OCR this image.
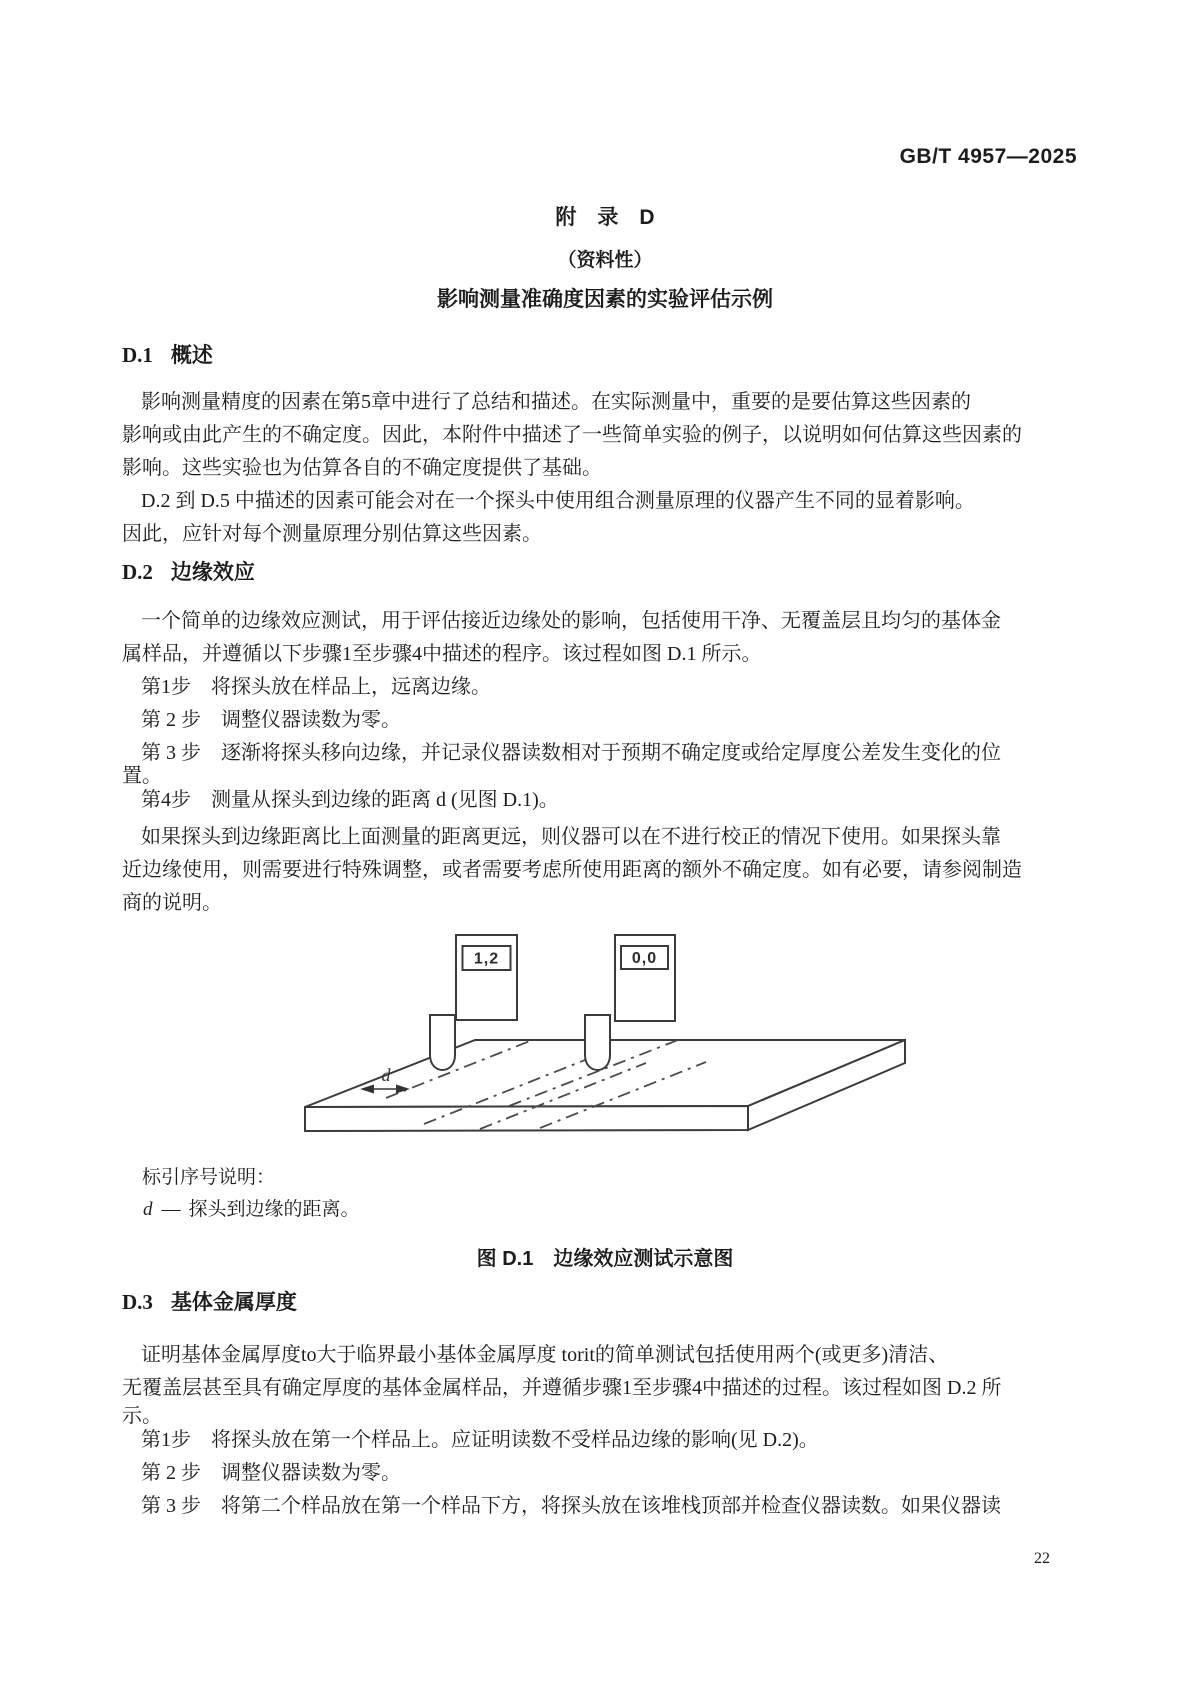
GB/T 4957—2025
附　录　D
（资料性）
影响测量准确度因素的实验评估示例
D.1 概述
影响测量精度的因素在第5章中进行了总结和描述。在实际测量中，重要的是要估算这些因素的
影响或由此产生的不确定度。因此，本附件中描述了一些简单实验的例子，以说明如何估算这些因素的
影响。这些实验也为估算各自的不确定度提供了基础。
D.2 到 D.5 中描述的因素可能会对在一个探头中使用组合测量原理的仪器产生不同的显着影响。
因此，应针对每个测量原理分别估算这些因素。
D.2 边缘效应
一个简单的边缘效应测试，用于评估接近边缘处的影响，包括使用干净、无覆盖层且均匀的基体金
属样品，并遵循以下步骤1至步骤4中描述的程序。该过程如图 D.1 所示。
第1步　将探头放在样品上，远离边缘。
第 2 步　调整仪器读数为零。
第 3 步　逐渐将探头移向边缘，并记录仪器读数相对于预期不确定度或给定厚度公差发生变化的位
置。
第4步　测量从探头到边缘的距离 d (见图 D.1)。
如果探头到边缘距离比上面测量的距离更远，则仪器可以在不进行校正的情况下使用。如果探头靠
近边缘使用，则需要进行特殊调整，或者需要考虑所使用距离的额外不确定度。如有必要，请参阅制造
商的说明。
d
1,2	0,0
标引序号说明：
d — 探头到边缘的距离。
图 D.1　边缘效应测试示意图
D.3 基体金属厚度
证明基体金属厚度to大于临界最小基体金属厚度 torit的简单测试包括使用两个(或更多)清洁、
无覆盖层甚至具有确定厚度的基体金属样品，并遵循步骤1至步骤4中描述的过程。该过程如图 D.2 所
示。
第1步　将探头放在第一个样品上。应证明读数不受样品边缘的影响(见 D.2)。
第 2 步　调整仪器读数为零。
第 3 步　将第二个样品放在第一个样品下方，将探头放在该堆栈顶部并检查仪器读数。如果仪器读
22
